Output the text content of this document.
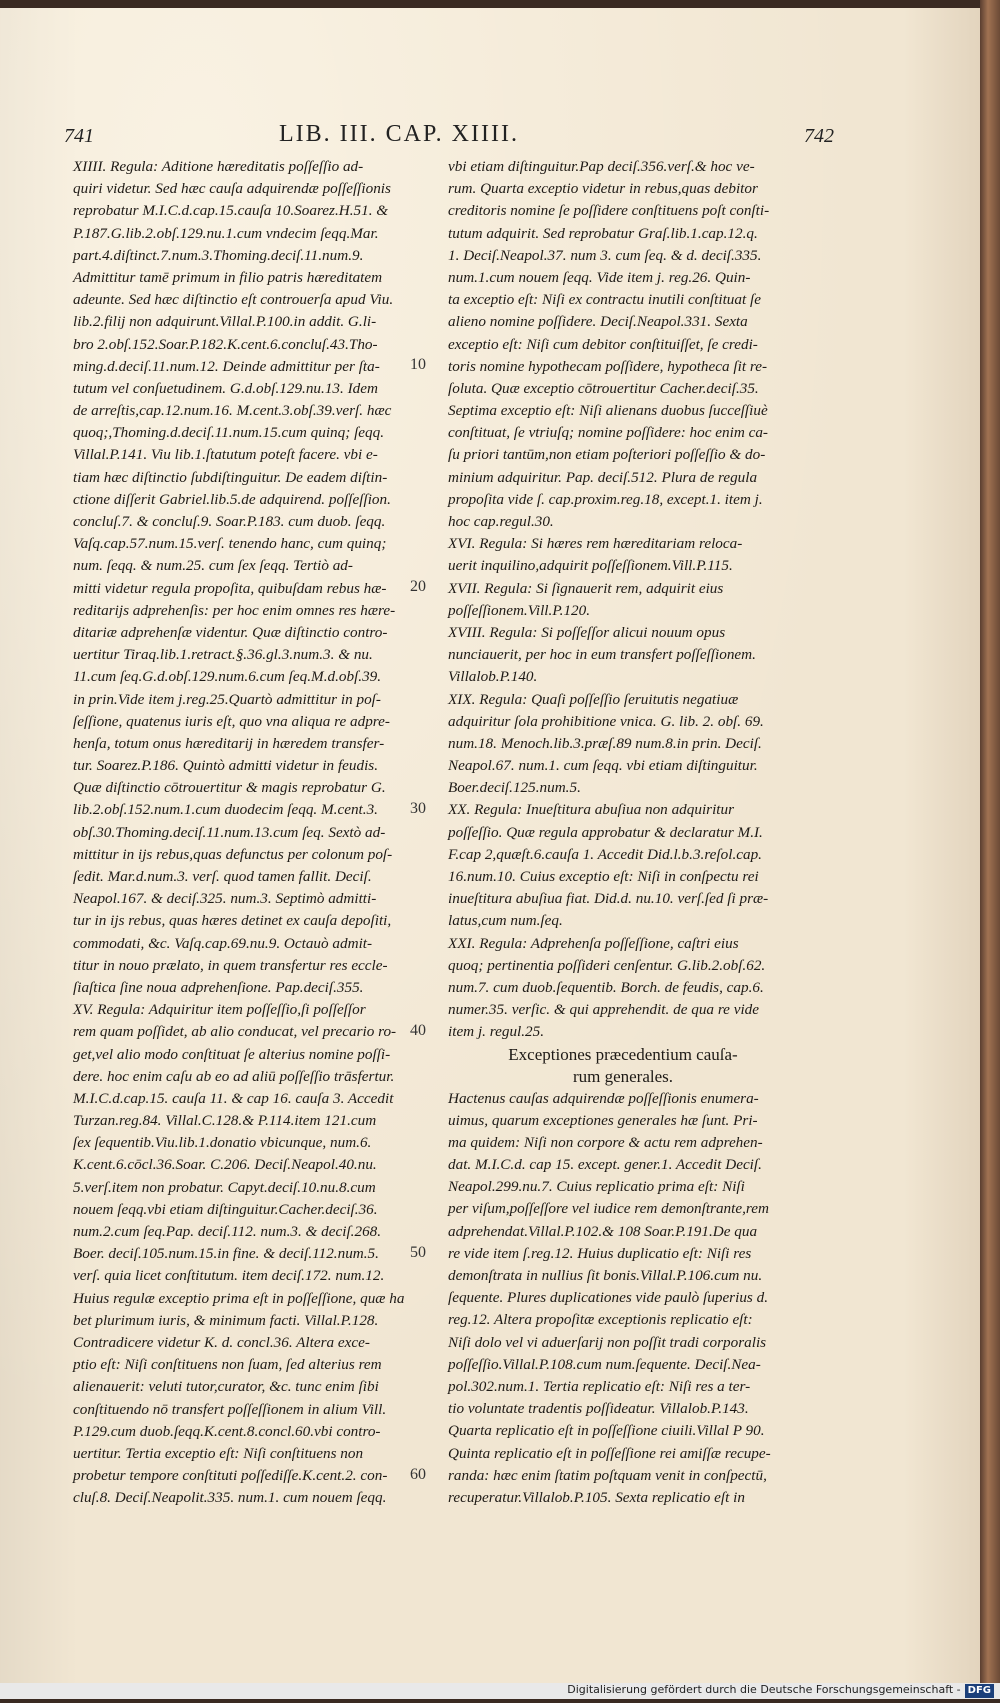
741	LIB. III. CAP. XIIII.	742
XIIII. Regula: Aditione hæreditatis poſſeſſio ad-
quiri videtur. Sed hæc cauſa adquirendæ poſſeſſionis
reprobatur M.I.C.d.cap.15.cauſa 10.Soarez.H.51. &
P.187.G.lib.2.obſ.129.nu.1.cum vndecim ſeqq.Mar.
part.4.diſtinct.7.num.3.Thoming.deciſ.11.num.9.
Admittitur tamē primum in filio patris hæreditatem
adeunte. Sed hæc diſtinctio eſt controuerſa apud Viu.
lib.2.filij non adquirunt.Villal.P.100.in addit. G.li-
bro 2.obſ.152.Soar.P.182.K.cent.6.concluſ.43.Tho-
ming.d.deciſ.11.num.12. Deinde admittitur per ſta-
tutum vel conſuetudinem. G.d.obſ.129.nu.13. Idem
de arreſtis,cap.12.num.16. M.cent.3.obſ.39.verſ. hæc
quoq;,Thoming.d.deciſ.11.num.15.cum quinq; ſeqq.
Villal.P.141. Viu lib.1.ſtatutum poteſt facere. vbi e-
tiam hæc diſtinctio ſubdiſtinguitur. De eadem diſtin-
ctione diſſerit Gabriel.lib.5.de adquirend. poſſeſſion.
concluſ.7. & concluſ.9. Soar.P.183. cum duob. ſeqq.
Vaſq.cap.57.num.15.verſ. tenendo hanc, cum quinq;
num. ſeqq. & num.25. cum ſex ſeqq. Tertiò ad-
mitti videtur regula propoſita, quibuſdam rebus hæ-
reditarijs adprehenſis: per hoc enim omnes res hære-
ditariæ adprehenſæ videntur. Quæ diſtinctio contro-
uertitur Tiraq.lib.1.retract.§.36.gl.3.num.3. & nu.
11.cum ſeq.G.d.obſ.129.num.6.cum ſeq.M.d.obſ.39.
in prin.Vide item j.reg.25.Quartò admittitur in poſ-
ſeſſione, quatenus iuris eſt, quo vna aliqua re adpre-
henſa, totum onus hæreditarij in hæredem transfer-
tur. Soarez.P.186. Quintò admitti videtur in feudis.
Quæ diſtinctio cōtrouertitur & magis reprobatur G.
lib.2.obſ.152.num.1.cum duodecim ſeqq. M.cent.3.
obſ.30.Thoming.deciſ.11.num.13.cum ſeq. Sextò ad-
mittitur in ijs rebus,quas defunctus per colonum poſ-
ſedit. Mar.d.num.3. verſ. quod tamen fallit. Deciſ.
Neapol.167. & deciſ.325. num.3. Septimò admitti-
tur in ijs rebus, quas hæres detinet ex cauſa depoſiti,
commodati, &c. Vaſq.cap.69.nu.9. Octauò admit-
titur in nouo prælato, in quem transfertur res eccle-
ſiaſtica ſine noua adprehenſione. Pap.deciſ.355.
XV. Regula: Adquiritur item poſſeſſio,ſi poſſeſſor
rem quam poſſidet, ab alio conducat, vel precario ro-
get,vel alio modo conſtituat ſe alterius nomine poſſi-
dere. hoc enim caſu ab eo ad aliū poſſeſſio trāsfertur.
M.I.C.d.cap.15. cauſa 11. & cap 16. cauſa 3. Accedit
Turzan.reg.84. Villal.C.128.& P.114.item 121.cum
ſex ſequentib.Viu.lib.1.donatio vbicunque, num.6.
K.cent.6.cōcl.36.Soar. C.206. Deciſ.Neapol.40.nu.
5.verſ.item non probatur. Capyt.deciſ.10.nu.8.cum
nouem ſeqq.vbi etiam diſtinguitur.Cacher.deciſ.36.
num.2.cum ſeq.Pap. deciſ.112. num.3. & deciſ.268.
Boer. deciſ.105.num.15.in fine. & deciſ.112.num.5.
verſ. quia licet conſtitutum. item deciſ.172. num.12.
Huius regulæ exceptio prima eſt in poſſeſſione, quæ ha
bet plurimum iuris, & minimum facti. Villal.P.128.
Contradicere videtur K. d. concl.36. Altera exce-
ptio eſt: Niſi conſtituens non ſuam, ſed alterius rem
alienauerit: veluti tutor,curator, &c. tunc enim ſibi
conſtituendo nō transfert poſſeſſionem in alium Vill.
P.129.cum duob.ſeqq.K.cent.8.concl.60.vbi contro-
uertitur. Tertia exceptio eſt: Niſi conſtituens non
probetur tempore conſtituti poſſediſſe.K.cent.2. con-
cluſ.8. Deciſ.Neapolit.335. num.1. cum nouem ſeqq.
10
20
30
40
50
60
vbi etiam diſtinguitur.Pap deciſ.356.verſ.& hoc ve-
rum. Quarta exceptio videtur in rebus,quas debitor
creditoris nomine ſe poſſidere conſtituens poſt conſti-
tutum adquirit. Sed reprobatur Graſ.lib.1.cap.12.q.
1. Deciſ.Neapol.37. num 3. cum ſeq. & d. deciſ.335.
num.1.cum nouem ſeqq. Vide item j. reg.26. Quin-
ta exceptio eſt: Niſi ex contractu inutili conſtituat ſe
alieno nomine poſſidere. Deciſ.Neapol.331. Sexta
exceptio eſt: Niſi cum debitor conſtituiſſet, ſe credi-
toris nomine hypothecam poſſidere, hypotheca ſit re-
ſoluta. Quæ exceptio cōtrouertitur Cacher.deciſ.35.
Septima exceptio eſt: Niſi alienans duobus ſucceſſiuè
conſtituat, ſe vtriuſq; nomine poſſidere: hoc enim ca-
ſu priori tantūm,non etiam poſteriori poſſeſſio & do-
minium adquiritur. Pap. deciſ.512. Plura de regula
propoſita vide ſ. cap.proxim.reg.18, except.1. item j.
hoc cap.regul.30.
XVI. Regula: Si hæres rem hæreditariam reloca-
uerit inquilino,adquirit poſſeſſionem.Vill.P.115.
XVII. Regula: Si ſignauerit rem, adquirit eius
poſſeſſionem.Vill.P.120.
XVIII. Regula: Si poſſeſſor alicui nouum opus
nunciauerit, per hoc in eum transfert poſſeſſionem.
Villalob.P.140.
XIX. Regula: Quaſi poſſeſſio ſeruitutis negatiuæ
adquiritur ſola prohibitione vnica. G. lib. 2. obſ. 69.
num.18. Menoch.lib.3.præſ.89 num.8.in prin. Deciſ.
Neapol.67. num.1. cum ſeqq. vbi etiam diſtinguitur.
Boer.deciſ.125.num.5.
XX. Regula: Inueſtitura abuſiua non adquiritur
poſſeſſio. Quæ regula approbatur & declaratur M.I.
F.cap 2,quæſt.6.cauſa 1. Accedit Did.l.b.3.reſol.cap.
16.num.10. Cuius exceptio eſt: Niſi in conſpectu rei
inueſtitura abuſiua fiat. Did.d. nu.10. verſ.ſed ſi præ-
latus,cum num.ſeq.
XXI. Regula: Adprehenſa poſſeſſione, caſtri eius
quoq; pertinentia poſſideri cenſentur. G.lib.2.obſ.62.
num.7. cum duob.ſequentib. Borch. de feudis, cap.6.
numer.35. verſic. & qui apprehendit. de qua re vide
item j. regul.25.
Exceptiones præcedentium cauſa-
rum generales.
Hactenus cauſas adquirendæ poſſeſſionis enumera-
uimus, quarum exceptiones generales hæ ſunt. Pri-
ma quidem: Niſi non corpore & actu rem adprehen-
dat. M.I.C.d. cap 15. except. gener.1. Accedit Deciſ.
Neapol.299.nu.7. Cuius replicatio prima eſt: Niſi
per viſum,poſſeſſore vel iudice rem demonſtrante,rem
adprehendat.Villal.P.102.& 108 Soar.P.191.De qua
re vide item ſ.reg.12. Huius duplicatio eſt: Niſi res
demonſtrata in nullius ſit bonis.Villal.P.106.cum nu.
ſequente. Plures duplicationes vide paulò ſuperius d.
reg.12. Altera propoſitæ exceptionis replicatio eſt:
Niſi dolo vel vi aduerſarij non poſſit tradi corporalis
poſſeſſio.Villal.P.108.cum num.ſequente. Deciſ.Nea-
pol.302.num.1. Tertia replicatio eſt: Niſi res a ter-
tio voluntate tradentis poſſideatur. Villalob.P.143.
Quarta replicatio eſt in poſſeſſione ciuili.Villal P 90.
Quinta replicatio eſt in poſſeſſione rei amiſſæ recupe-
randa: hæc enim ſtatim poſtquam venit in conſpectū,
recuperatur.Villalob.P.105. Sexta replicatio eſt in
Digitalisierung gefördert durch die Deutsche Forschungsgemeinschaft - DFG
